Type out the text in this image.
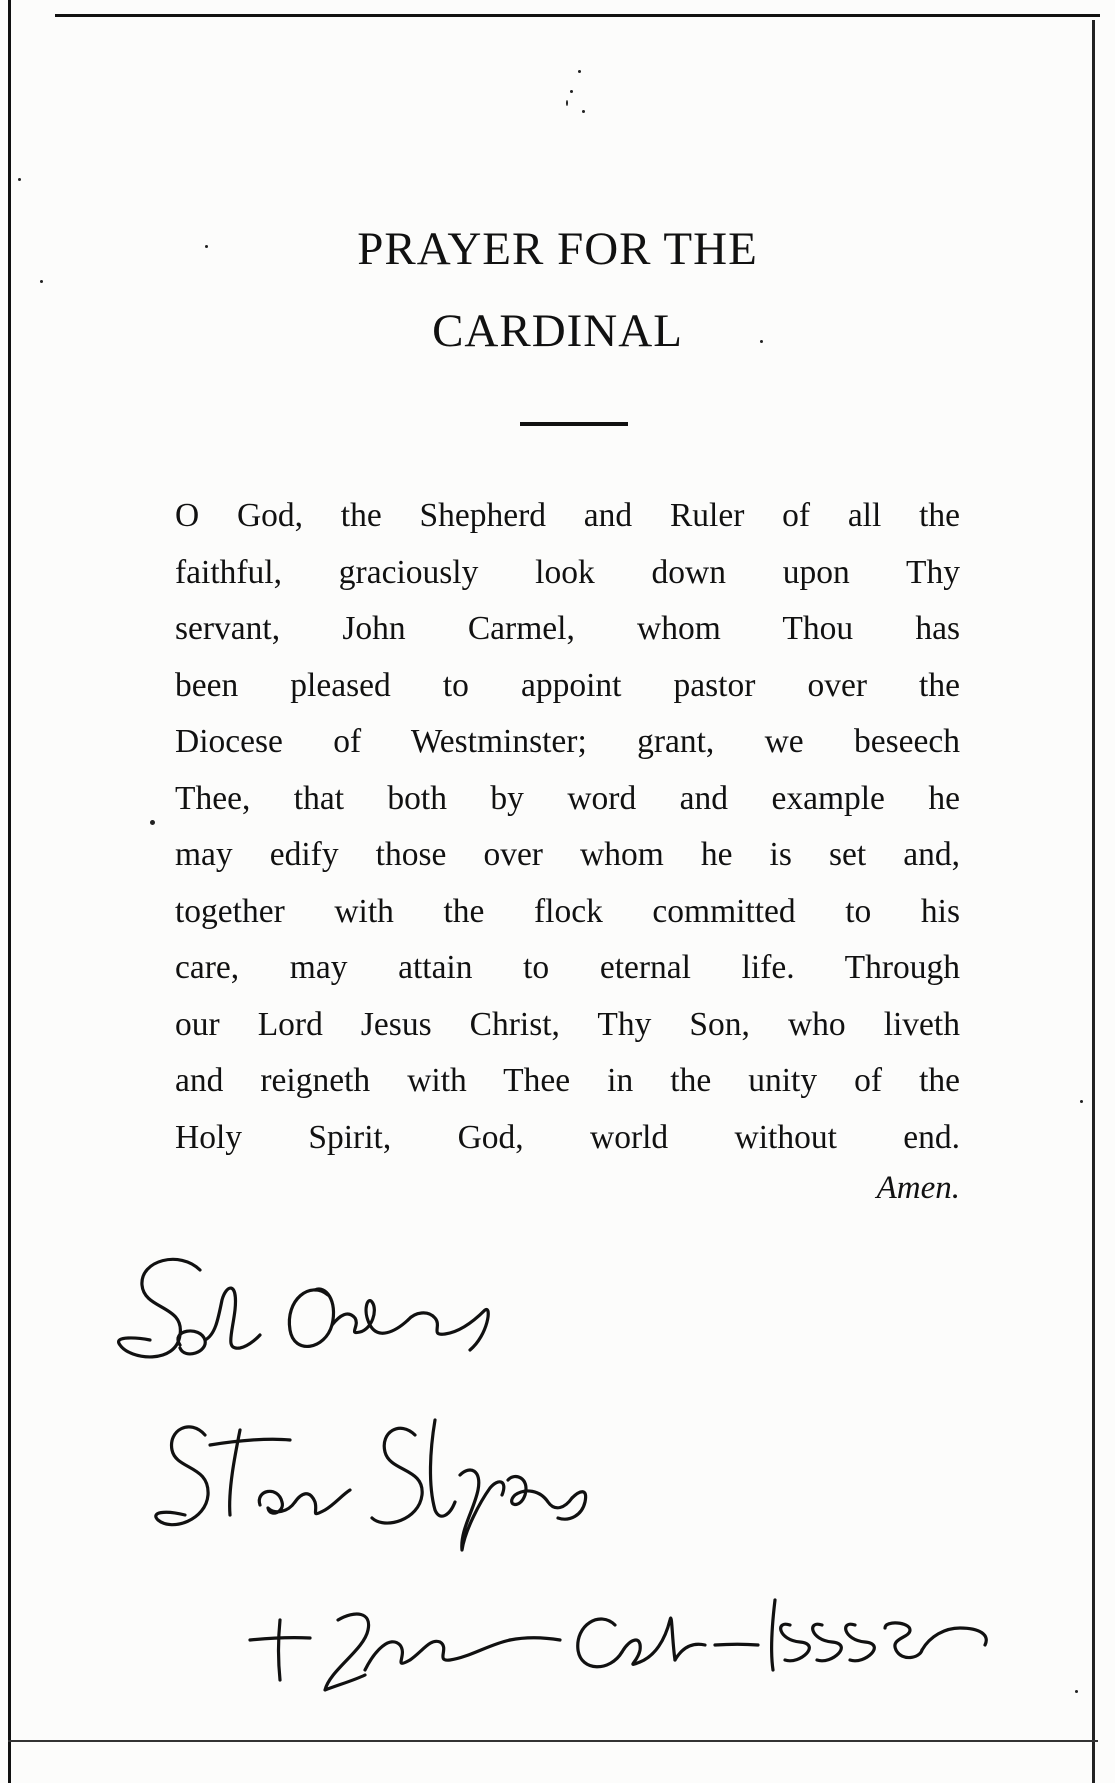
PRAYER FOR THE
CARDINAL
O God, the Shepherd and Ruler of all the
faithful, graciously look down upon Thy
servant, John Carmel, whom Thou has
been pleased to appoint pastor over the
Diocese of Westminster; grant, we beseech
Thee, that both by word and example he
may edify those over whom he is set and,
together with the flock committed to his
care, may attain to eternal life. Through
our Lord Jesus Christ, Thy Son, who liveth
and reigneth with Thee in the unity of the
Holy Spirit, God, world without end.
Amen.
